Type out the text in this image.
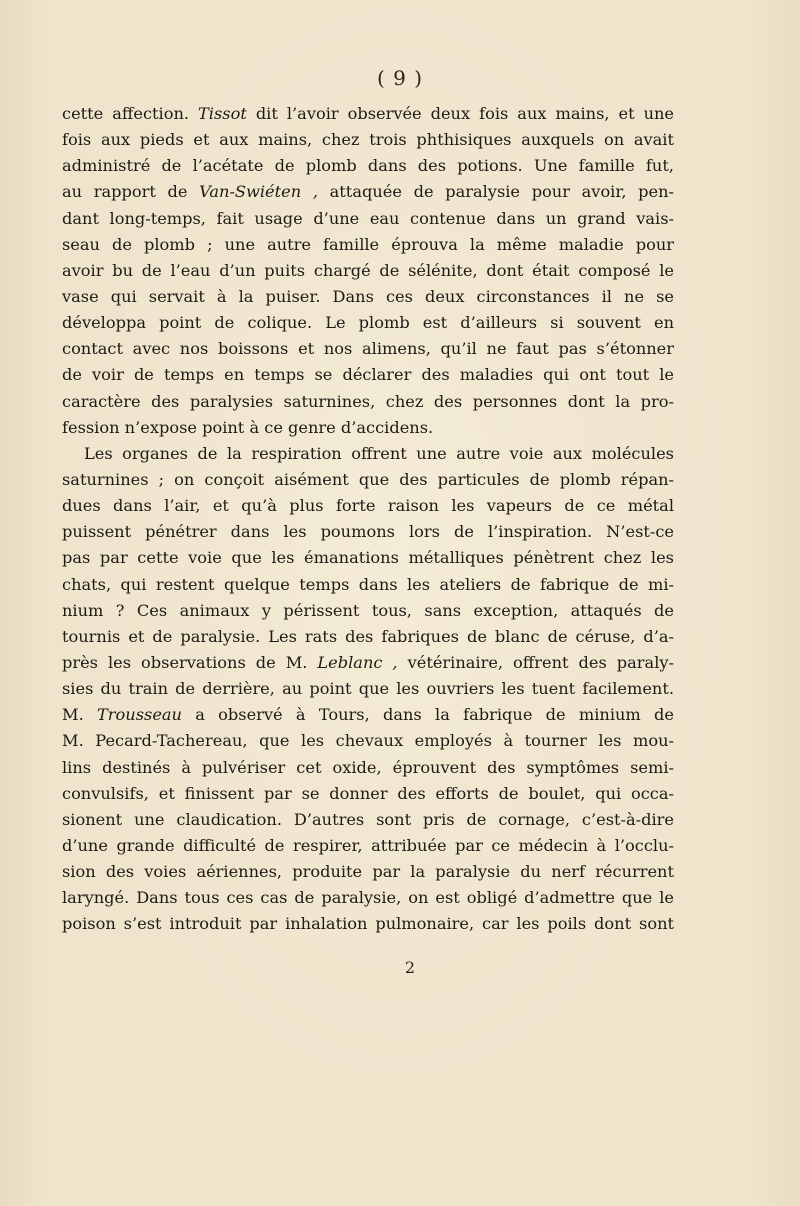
( 9 )
cette affection. Tissot dit l’avoir observée deux fois aux mains, et une
fois aux pieds et aux mains, chez trois phthisiques auxquels on avait
administré de l’acétate de plomb dans des potions. Une famille fut,
au rapport de Van-Swiéten , attaquée de paralysie pour avoir, pen-
dant long-temps, fait usage d’une eau contenue dans un grand vais-
seau de plomb ; une autre famille éprouva la même maladie pour
avoir bu de l’eau d’un puits chargé de sélénite, dont était composé le
vase qui servait à la puiser. Dans ces deux circonstances il ne se
développa point de colique. Le plomb est d’ailleurs si souvent en
contact avec nos boissons et nos alimens, qu’il ne faut pas s’étonner
de voir de temps en temps se déclarer des maladies qui ont tout le
caractère des paralysies saturnines, chez des personnes dont la pro-
fession n’expose point à ce genre d’accidens.
Les organes de la respiration offrent une autre voie aux molécules
saturnines ; on conçoit aisément que des particules de plomb répan-
dues dans l’air, et qu’à plus forte raison les vapeurs de ce métal
puissent pénétrer dans les poumons lors de l’inspiration. N’est-ce
pas par cette voie que les émanations métalliques pénètrent chez les
chats, qui restent quelque temps dans les ateliers de fabrique de mi-
nium ? Ces animaux y périssent tous, sans exception, attaqués de
tournis et de paralysie. Les rats des fabriques de blanc de céruse, d’a-
près les observations de M. Leblanc , vétérinaire, offrent des paraly-
sies du train de derrière, au point que les ouvriers les tuent facilement.
M. Trousseau a observé à Tours, dans la fabrique de minium de
M. Pecard-Tachereau, que les chevaux employés à tourner les mou-
lins destinés à pulvériser cet oxide, éprouvent des symptômes semi-
convulsifs, et finissent par se donner des efforts de boulet, qui occa-
sionent une claudication. D’autres sont pris de cornage, c’est-à-dire
d’une grande difficulté de respirer, attribuée par ce médecin à l’occlu-
sion des voies aériennes, produite par la paralysie du nerf récurrent
laryngé. Dans tous ces cas de paralysie, on est obligé d’admettre que le
poison s’est introduit par inhalation pulmonaire, car les poils dont sont
2
